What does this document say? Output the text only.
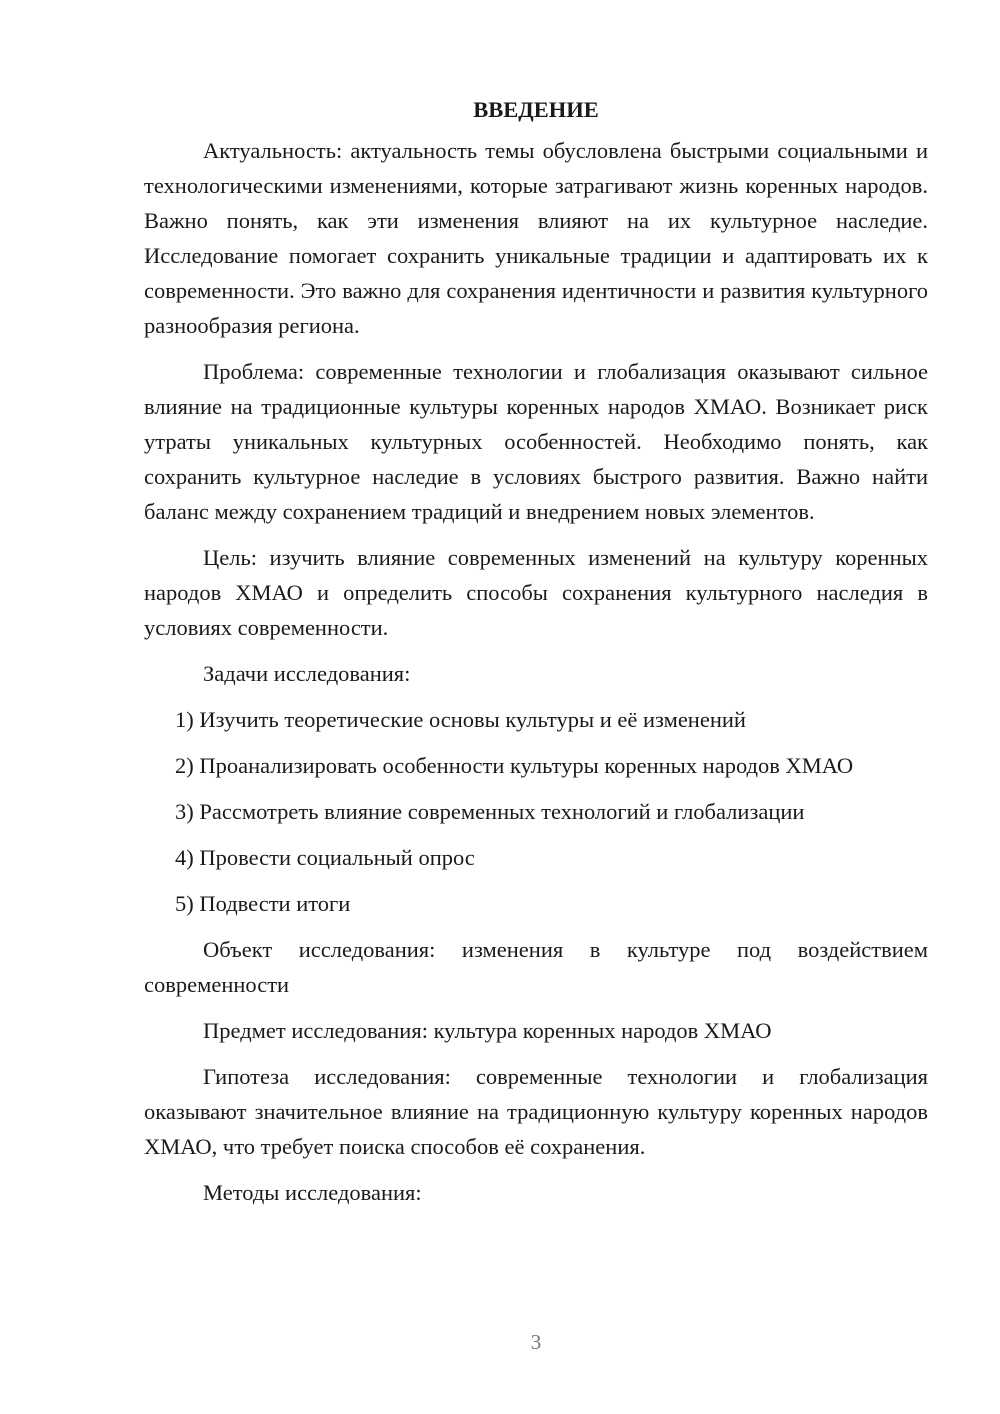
ВВЕДЕНИЕ

Актуальность: актуальность темы обусловлена быстрыми социальными и технологическими изменениями, которые затрагивают жизнь коренных народов. Важно понять, как эти изменения влияют на их культурное наследие. Исследование помогает сохранить уникальные традиции и адаптировать их к современности. Это важно для сохранения идентичности и развития культурного разнообразия региона.

Проблема: современные технологии и глобализация оказывают сильное влияние на традиционные культуры коренных народов ХМАО. Возникает риск утраты уникальных культурных особенностей. Необходимо понять, как сохранить культурное наследие в условиях быстрого развития. Важно найти баланс между сохранением традиций и внедрением новых элементов.

Цель: изучить влияние современных изменений на культуру коренных народов ХМАО и определить способы сохранения культурного наследия в условиях современности.

Задачи исследования:

1) Изучить теоретические основы культуры и её изменений

2) Проанализировать особенности культуры коренных народов ХМАО

3) Рассмотреть влияние современных технологий и глобализации

4) Провести социальный опрос

5) Подвести итоги

Объект исследования: изменения в культуре под воздействием современности

Предмет исследования: культура коренных народов ХМАО

Гипотеза исследования: современные технологии и глобализация оказывают значительное влияние на традиционную культуру коренных народов ХМАО, что требует поиска способов её сохранения.

Методы исследования:

3
